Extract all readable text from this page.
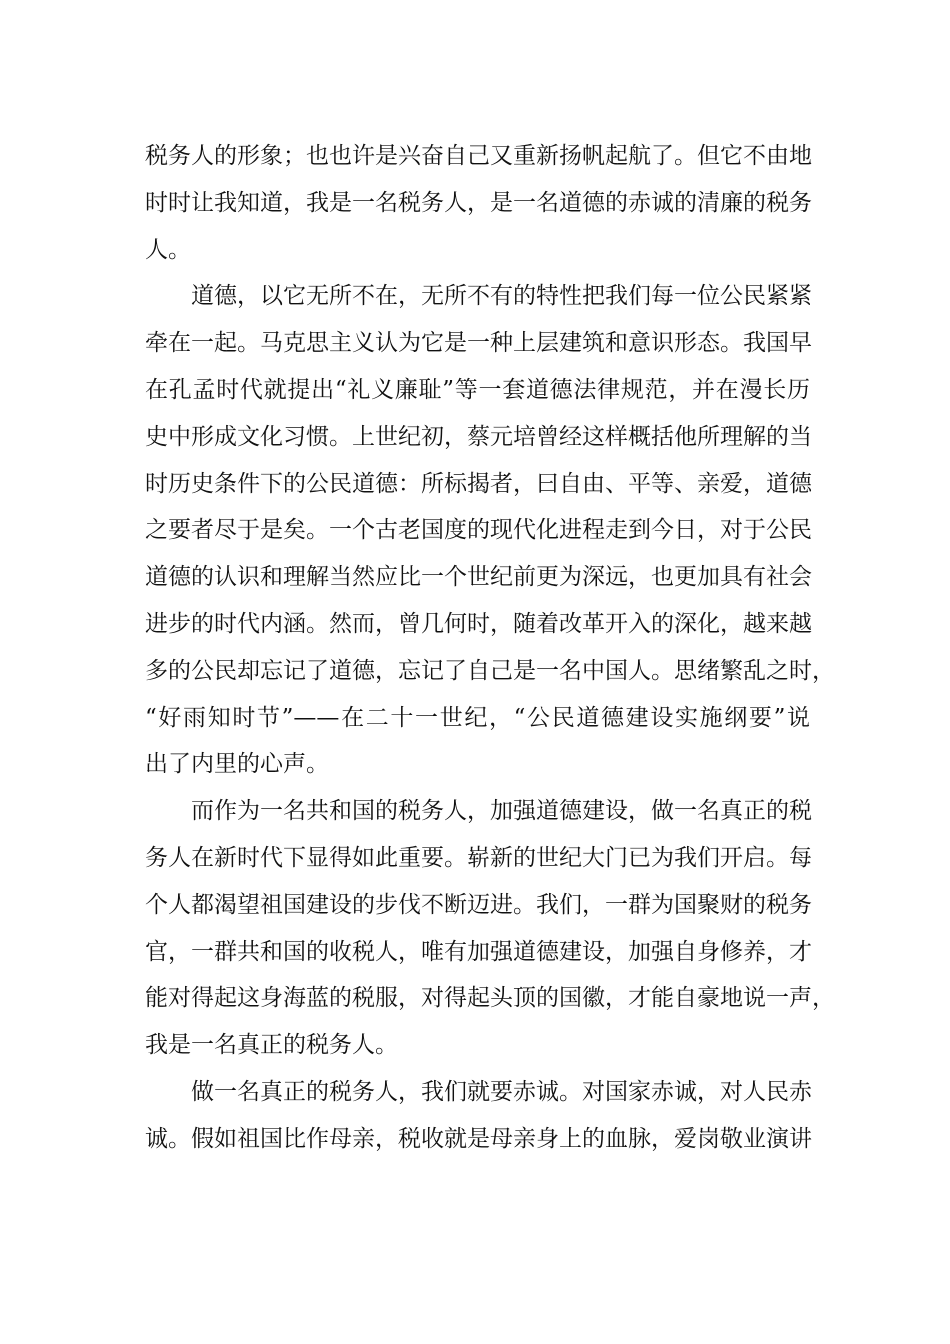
税务人的形象；也也许是兴奋自己又重新扬帆起航了。但它不由地
时时让我知道，我是一名税务人，是一名道德的赤诚的清廉的税务
人。
道德，以它无所不在，无所不有的特性把我们每一位公民紧紧
牵在一起。马克思主义认为它是一种上层建筑和意识形态。我国早
在孔孟时代就提出“礼义廉耻”等一套道德法律规范，并在漫长历
史中形成文化习惯。上世纪初，蔡元培曾经这样概括他所理解的当
时历史条件下的公民道德：所标揭者，曰自由、平等、亲爱，道德
之要者尽于是矣。一个古老国度的现代化进程走到今日，对于公民
道德的认识和理解当然应比一个世纪前更为深远，也更加具有社会
进步的时代内涵。然而，曾几何时，随着改革开入的深化，越来越
多的公民却忘记了道德，忘记了自己是一名中国人。思绪繁乱之时，
“好雨知时节”——在二十一世纪，“公民道德建设实施纲要”说
出了内里的心声。
而作为一名共和国的税务人，加强道德建设，做一名真正的税
务人在新时代下显得如此重要。崭新的世纪大门已为我们开启。每
个人都渴望祖国建设的步伐不断迈进。我们，一群为国聚财的税务
官，一群共和国的收税人，唯有加强道德建设，加强自身修养，才
能对得起这身海蓝的税服，对得起头顶的国徽，才能自豪地说一声，
我是一名真正的税务人。
做一名真正的税务人，我们就要赤诚。对国家赤诚，对人民赤
诚。假如祖国比作母亲，税收就是母亲身上的血脉，爱岗敬业演讲
